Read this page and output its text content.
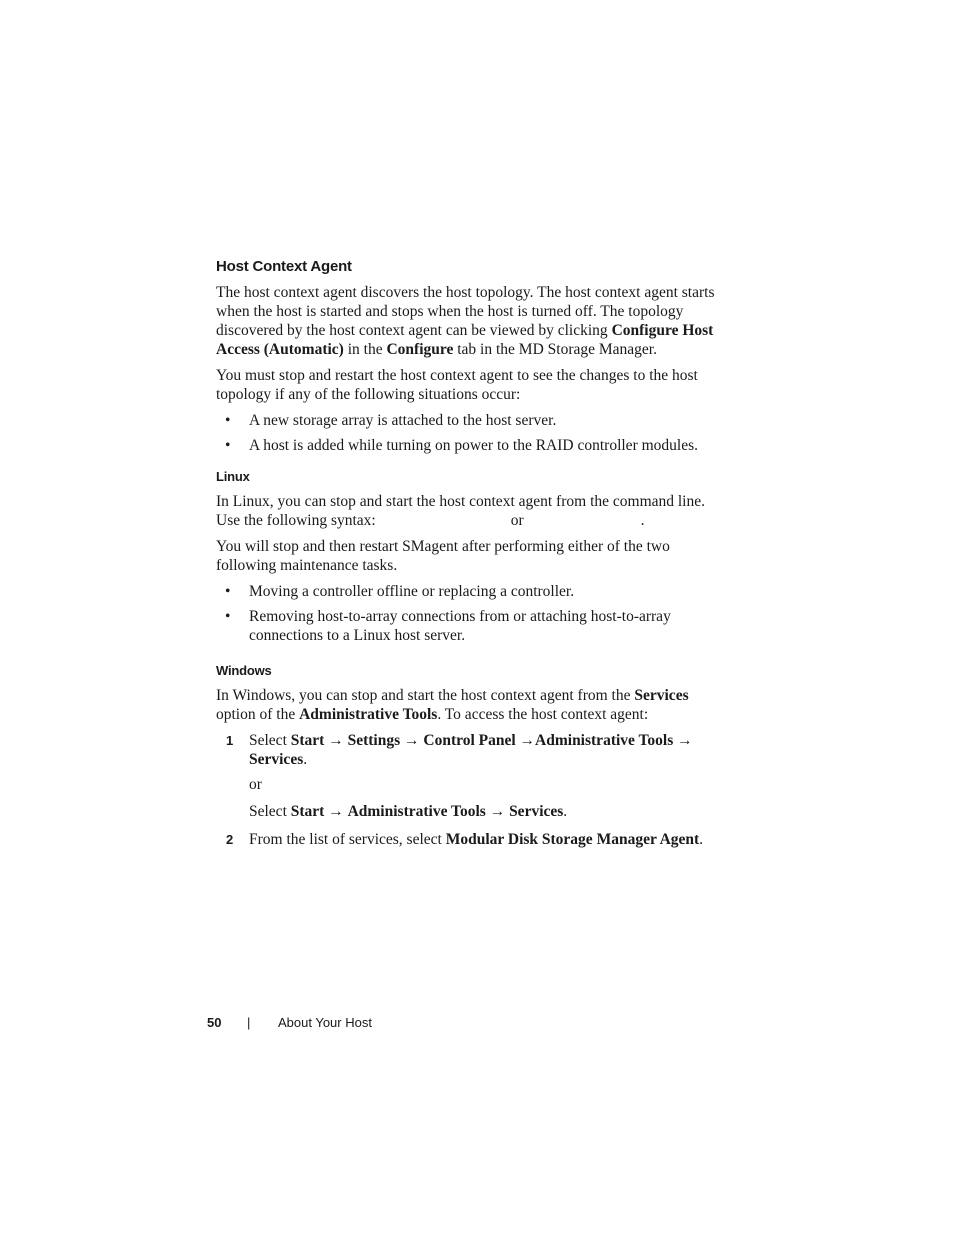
Host Context Agent

The host context agent discovers the host topology. The host context agent starts when the host is started and stops when the host is turned off. The topology discovered by the host context agent can be viewed by clicking Configure Host Access (Automatic) in the Configure tab in the MD Storage Manager.

You must stop and restart the host context agent to see the changes to the host topology if any of the following situations occur:

• A new storage array is attached to the host server.
• A host is added while turning on power to the RAID controller modules.
Linux

In Linux, you can stop and start the host context agent from the command line. Use the following syntax:	or	.

You will stop and then restart SMagent after performing either of the two following maintenance tasks.

• Moving a controller offline or replacing a controller.
• Removing host-to-array connections from or attaching host-to-array connections to a Linux host server.
Windows

In Windows, you can stop and start the host context agent from the Services option of the Administrative Tools. To access the host context agent:

1 Select Start → Settings → Control Panel →Administrative Tools → Services.
or
Select Start → Administrative Tools → Services.
2 From the list of services, select Modular Disk Storage Manager Agent.
50 | About Your Host
